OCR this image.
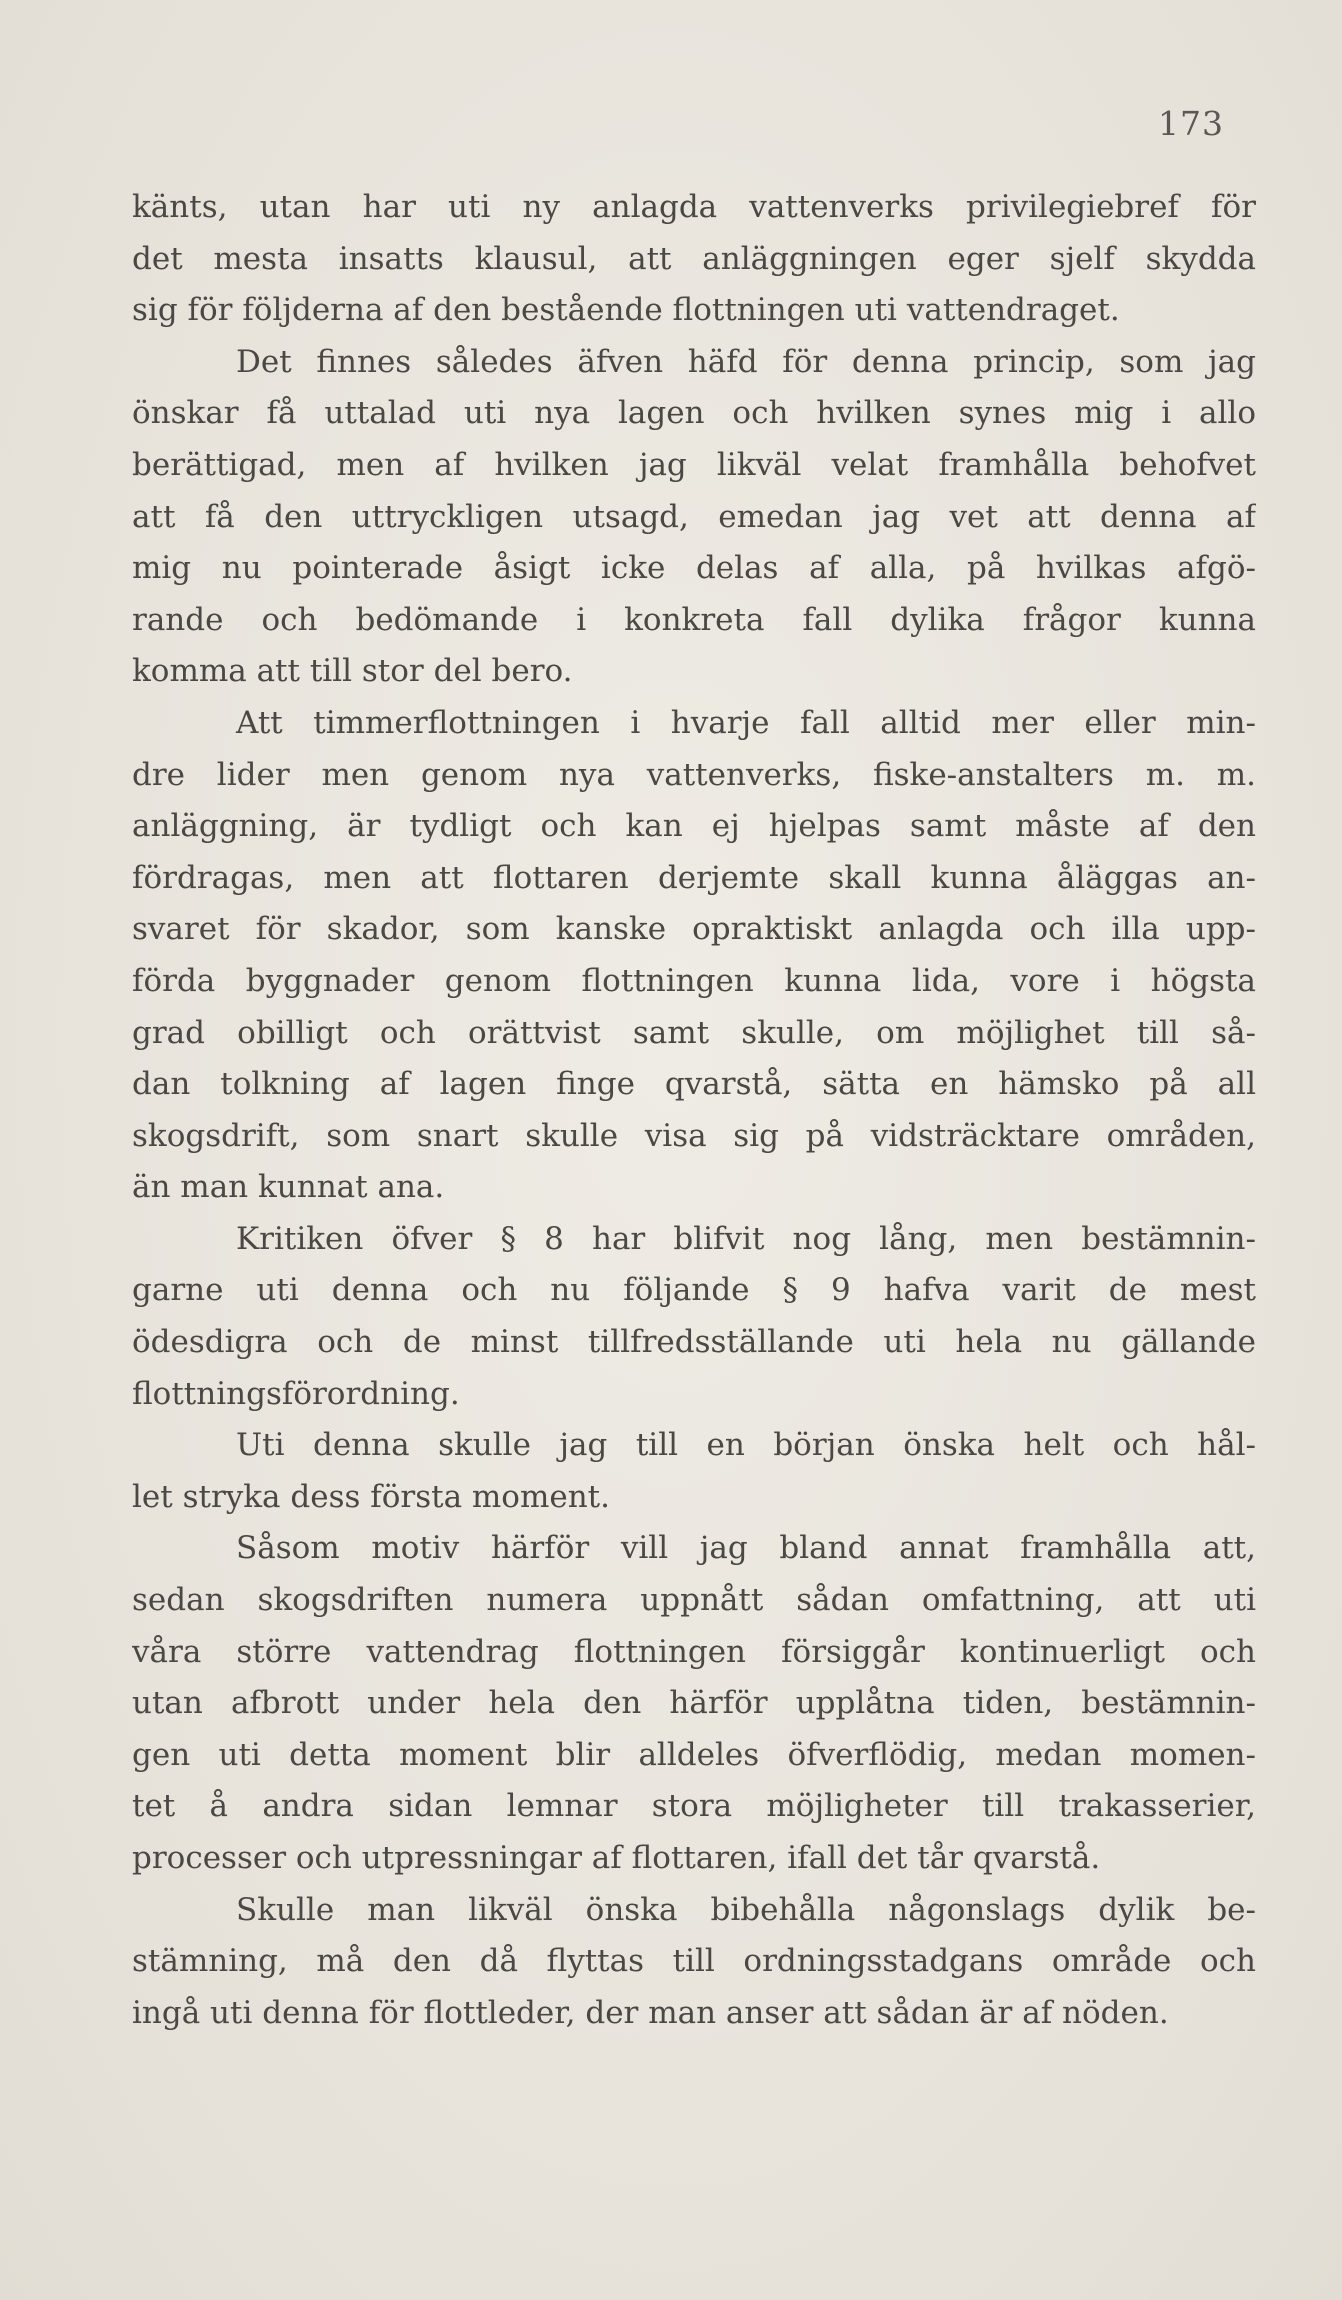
173
känts, utan har uti ny anlagda vattenverks privilegiebref för
det mesta insatts klausul, att anläggningen eger sjelf skydda
sig för följderna af den bestående flottningen uti vattendraget.
Det finnes således äfven häfd för denna princip, som jag
önskar få uttalad uti nya lagen och hvilken synes mig i allo
berättigad, men af hvilken jag likväl velat framhålla behofvet
att få den uttryckligen utsagd, emedan jag vet att denna af
mig nu pointerade åsigt icke delas af alla, på hvilkas afgö-
rande och bedömande i konkreta fall dylika frågor kunna
komma att till stor del bero.
Att timmerflottningen i hvarje fall alltid mer eller min-
dre lider men genom nya vattenverks, fiske-anstalters m. m.
anläggning, är tydligt och kan ej hjelpas samt måste af den
fördragas, men att flottaren derjemte skall kunna åläggas an-
svaret för skador, som kanske opraktiskt anlagda och illa upp-
förda byggnader genom flottningen kunna lida, vore i högsta
grad obilligt och orättvist samt skulle, om möjlighet till så-
dan tolkning af lagen finge qvarstå, sätta en hämsko på all
skogsdrift, som snart skulle visa sig på vidsträcktare områden,
än man kunnat ana.
Kritiken öfver § 8 har blifvit nog lång, men bestämnin-
garne uti denna och nu följande § 9 hafva varit de mest
ödesdigra och de minst tillfredsställande uti hela nu gällande
flottningsförordning.
Uti denna skulle jag till en början önska helt och hål-
let stryka dess första moment.
Såsom motiv härför vill jag bland annat framhålla att,
sedan skogsdriften numera uppnått sådan omfattning, att uti
våra större vattendrag flottningen försiggår kontinuerligt och
utan afbrott under hela den härför upplåtna tiden, bestämnin-
gen uti detta moment blir alldeles öfverflödig, medan momen-
tet å andra sidan lemnar stora möjligheter till trakasserier,
processer och utpressningar af flottaren, ifall det tår qvarstå.
Skulle man likväl önska bibehålla någonslags dylik be-
stämning, må den då flyttas till ordningsstadgans område och
ingå uti denna för flottleder, der man anser att sådan är af nöden.
